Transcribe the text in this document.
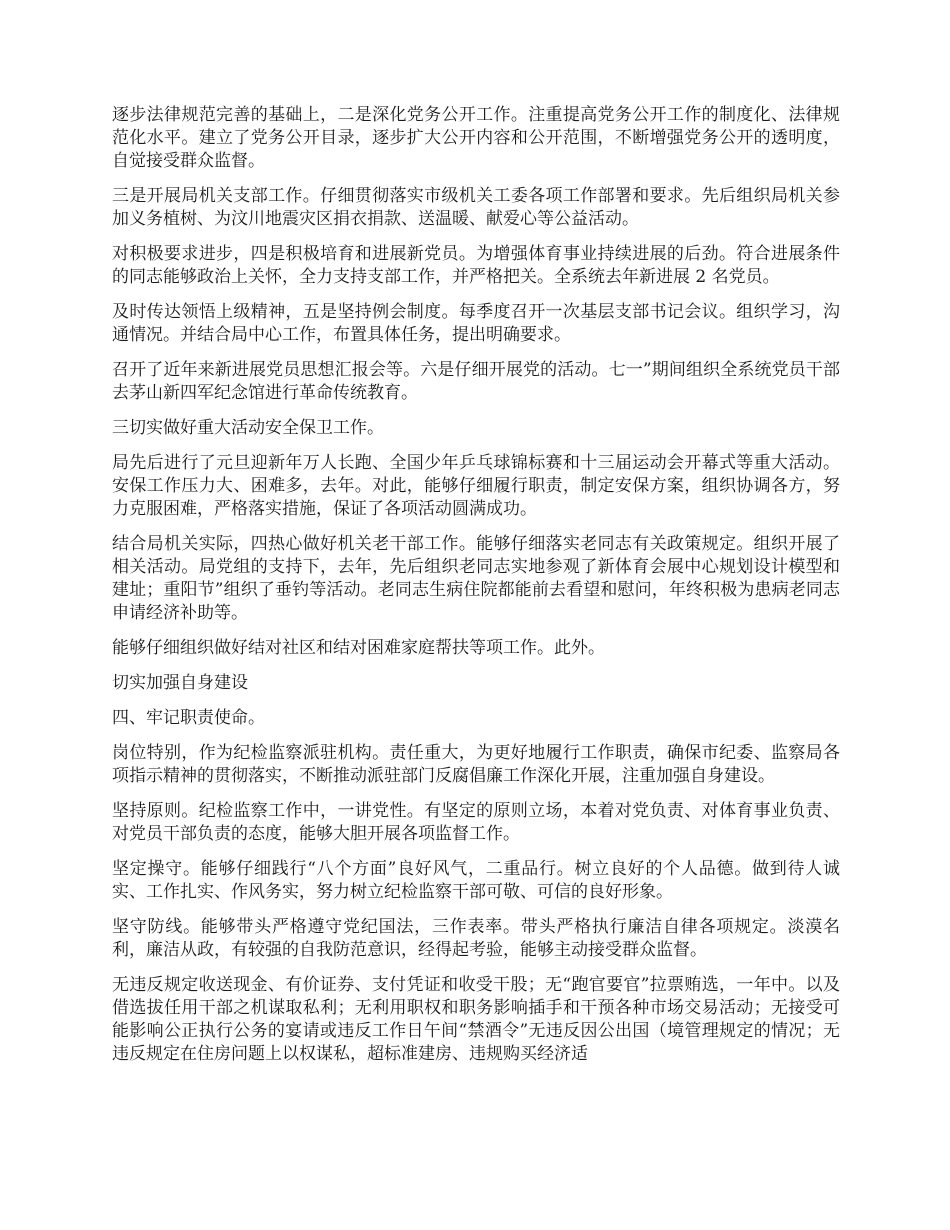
逐步法律规范完善的基础上，二是深化党务公开工作。注重提高党务公开工作的制度化、法律规范化水平。建立了党务公开目录，逐步扩大公开内容和公开范围，不断增强党务公开的透明度，自觉接受群众监督。

三是开展局机关支部工作。仔细贯彻落实市级机关工委各项工作部署和要求。先后组织局机关参加义务植树、为汶川地震灾区捐衣捐款、送温暖、献爱心等公益活动。

对积极要求进步，四是积极培育和进展新党员。为增强体育事业持续进展的后劲。符合进展条件的同志能够政治上关怀，全力支持支部工作，并严格把关。全系统去年新进展 2 名党员。

及时传达领悟上级精神，五是坚持例会制度。每季度召开一次基层支部书记会议。组织学习，沟通情况。并结合局中心工作，布置具体任务，提出明确要求。

召开了近年来新进展党员思想汇报会等。六是仔细开展党的活动。七一”期间组织全系统党员干部去茅山新四军纪念馆进行革命传统教育。

三切实做好重大活动安全保卫工作。

局先后进行了元旦迎新年万人长跑、全国少年乒乓球锦标赛和十三届运动会开幕式等重大活动。安保工作压力大、困难多，去年。对此，能够仔细履行职责，制定安保方案，组织协调各方，努力克服困难，严格落实措施，保证了各项活动圆满成功。

结合局机关实际，四热心做好机关老干部工作。能够仔细落实老同志有关政策规定。组织开展了相关活动。局党组的支持下，去年，先后组织老同志实地参观了新体育会展中心规划设计模型和建址；重阳节”组织了垂钓等活动。老同志生病住院都能前去看望和慰问，年终积极为患病老同志申请经济补助等。

能够仔细组织做好结对社区和结对困难家庭帮扶等项工作。此外。

切实加强自身建设

四、牢记职责使命。

岗位特别，作为纪检监察派驻机构。责任重大，为更好地履行工作职责，确保市纪委、监察局各项指示精神的贯彻落实，不断推动派驻部门反腐倡廉工作深化开展，注重加强自身建设。

坚持原则。纪检监察工作中，一讲党性。有坚定的原则立场，本着对党负责、对体育事业负责、对党员干部负责的态度，能够大胆开展各项监督工作。

坚定操守。能够仔细践行“八个方面”良好风气，二重品行。树立良好的个人品德。做到待人诚实、工作扎实、作风务实，努力树立纪检监察干部可敬、可信的良好形象。

坚守防线。能够带头严格遵守党纪国法，三作表率。带头严格执行廉洁自律各项规定。淡漠名利，廉洁从政，有较强的自我防范意识，经得起考验，能够主动接受群众监督。

无违反规定收送现金、有价证券、支付凭证和收受干股；无“跑官要官”拉票贿选，一年中。以及借选拔任用干部之机谋取私利；无利用职权和职务影响插手和干预各种市场交易活动；无接受可能影响公正执行公务的宴请或违反工作日午间“禁酒令”无违反因公出国（境管理规定的情况；无违反规定在住房问题上以权谋私，超标准建房、违规购买经济适
